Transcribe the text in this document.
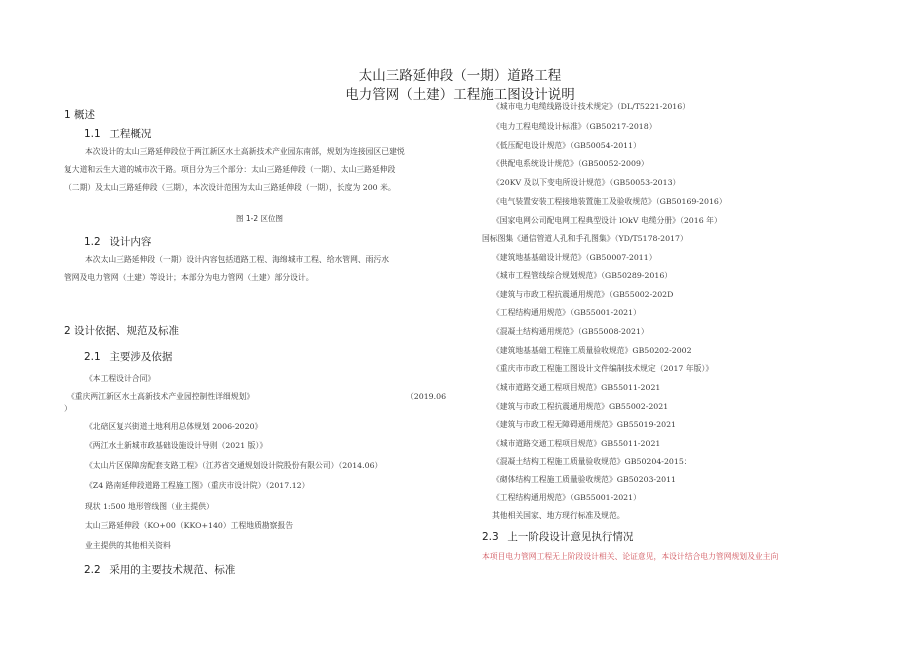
太山三路延伸段（一期）道路工程
电力管网（土建）工程施工图设计说明
1 概述
1.1 工程概况
本次设计的太山三路延伸段位于两江新区水土高新技术产业园东南部，规划为连接园区已建悦
复大道和云生大道的城市次干路。项目分为三个部分：太山三路延伸段（一期）、太山三路延伸段
（二期）及太山三路延伸段（三期），本次设计范围为太山三路延伸段（一期），长度为 200 米。
图 1-2 区位图
1.2 设计内容
本次太山三路延伸段（一期）设计内容包括道路工程、海绵城市工程、给水管网、雨污水
管网及电力管网（土建）等设计；本部分为电力管网（土建）部分设计。
2 设计依据、规范及标准
2.1 主要涉及依据
《本工程设计合同》
《重庆两江新区水土高新技术产业园控制性详细规划》	（2019.06
）
《北碚区复兴街道土地利用总体规划 2006-2020》
《两江水土新城市政基础设施设计导则（2021 版）》
《太山片区保障房配套支路工程》（江苏省交通规划设计院股份有限公司）（2014.06）
《Z4 路南延伸段道路工程施工图》（重庆市设计院）（2017.12）
现状 1:500 地形管线图（业主提供）
太山三路延伸段（KO+00（KKO+140）工程地质勘察报告
业主提供的其他相关资料
2.2 采用的主要技术规范、标准
《城市电力电缆线路设计技术规定》（DL/T5221-2016）
《电力工程电缆设计标准》（GB50217-2018）
《低压配电设计规范》（GB50054-2011）
《供配电系统设计规范》（GB50052-2009）
《20KV 及以下变电所设计规范》（GB50053-2013）
《电气装置安装工程接地装置施工及验收规范》（GB50169-2016）
《国家电网公司配电网工程典型设计 lOkV 电缆分册》（2016 年）
国标图集《通信管道人孔和手孔图集》（YD/T5178-2017）
《建筑地基基础设计规范》（GB50007-2011）
《城市工程管线综合规划规范》（GB50289-2016）
《建筑与市政工程抗震通用规范》（GB55002-202D
《工程结构通用规范》（GB55001-2021）
《混凝土结构通用规范》（GB55008-2021）
《建筑地基基础工程施工质量验收规范》GB50202-2002
《重庆市市政工程施工图设计文件编制技术规定（2017 年版）》
《城市道路交通工程项目规范》GB55011-2021
《建筑与市政工程抗震通用规范》GB55002-2021
《建筑与市政工程无障碍通用规范》GB55019-2021
《城市道路交通工程项目规范》GB55011-2021
《混凝土结构工程施工质量验收规范》GB50204-2015：
《砌体结构工程施工质量验收规范》GB50203-2011
《工程结构通用规范》（GB55001-2021）
其他相关国家、地方现行标准及规范。
2.3 上一阶段设计意见执行情况
本项目电力管网工程无上阶段设计相关、论证意见，本设计结合电力管网规划及业主向
